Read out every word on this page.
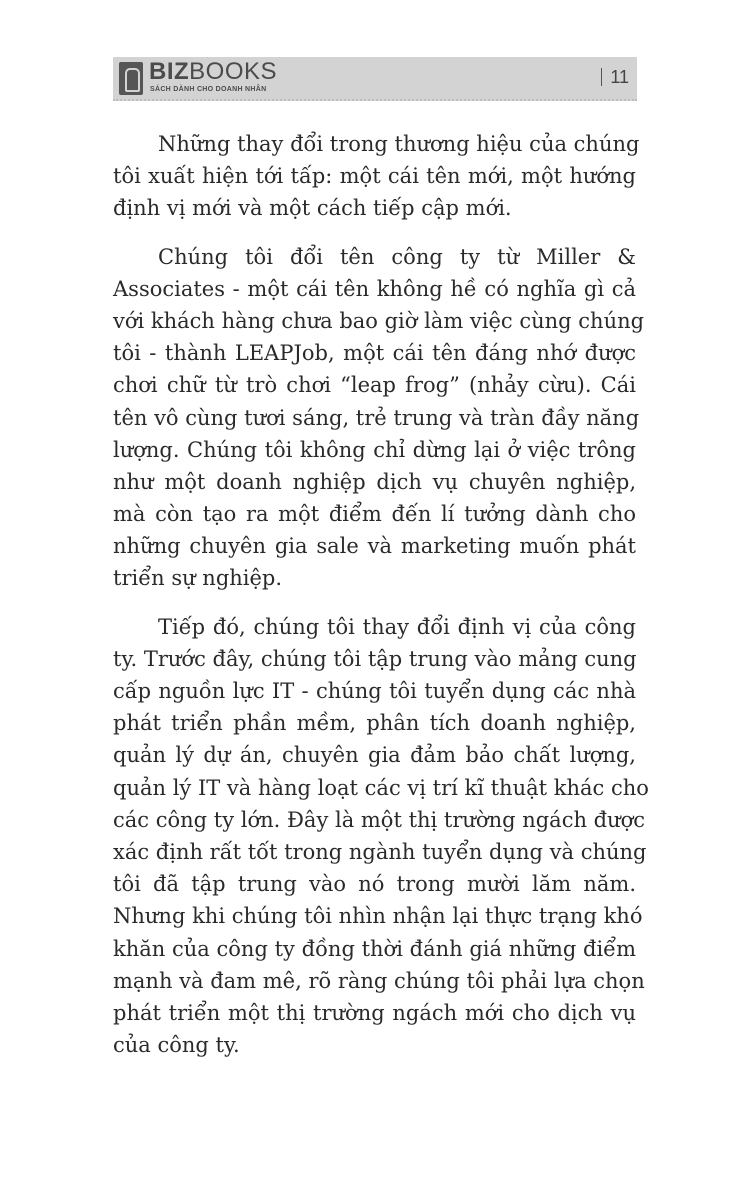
BIZBOOKS
SÁCH DÀNH CHO DOANH NHÂN
11
Những thay đổi trong thương hiệu của chúng
tôi xuất hiện tới tấp: một cái tên mới, một hướng
định vị mới và một cách tiếp cập mới.
Chúng tôi đổi tên công ty từ Miller &
Associates - một cái tên không hề có nghĩa gì cả
với khách hàng chưa bao giờ làm việc cùng chúng
tôi - thành LEAPJob, một cái tên đáng nhớ được
chơi chữ từ trò chơi “leap frog” (nhảy cừu). Cái
tên vô cùng tươi sáng, trẻ trung và tràn đầy năng
lượng. Chúng tôi không chỉ dừng lại ở việc trông
như một doanh nghiệp dịch vụ chuyên nghiệp,
mà còn tạo ra một điểm đến lí tưởng dành cho
những chuyên gia sale và marketing muốn phát
triển sự nghiệp.
Tiếp đó, chúng tôi thay đổi định vị của công
ty. Trước đây, chúng tôi tập trung vào mảng cung
cấp nguồn lực IT - chúng tôi tuyển dụng các nhà
phát triển phần mềm, phân tích doanh nghiệp,
quản lý dự án, chuyên gia đảm bảo chất lượng,
quản lý IT và hàng loạt các vị trí kĩ thuật khác cho
các công ty lớn. Đây là một thị trường ngách được
xác định rất tốt trong ngành tuyển dụng và chúng
tôi đã tập trung vào nó trong mười lăm năm.
Nhưng khi chúng tôi nhìn nhận lại thực trạng khó
khăn của công ty đồng thời đánh giá những điểm
mạnh và đam mê, rõ ràng chúng tôi phải lựa chọn
phát triển một thị trường ngách mới cho dịch vụ
của công ty.
